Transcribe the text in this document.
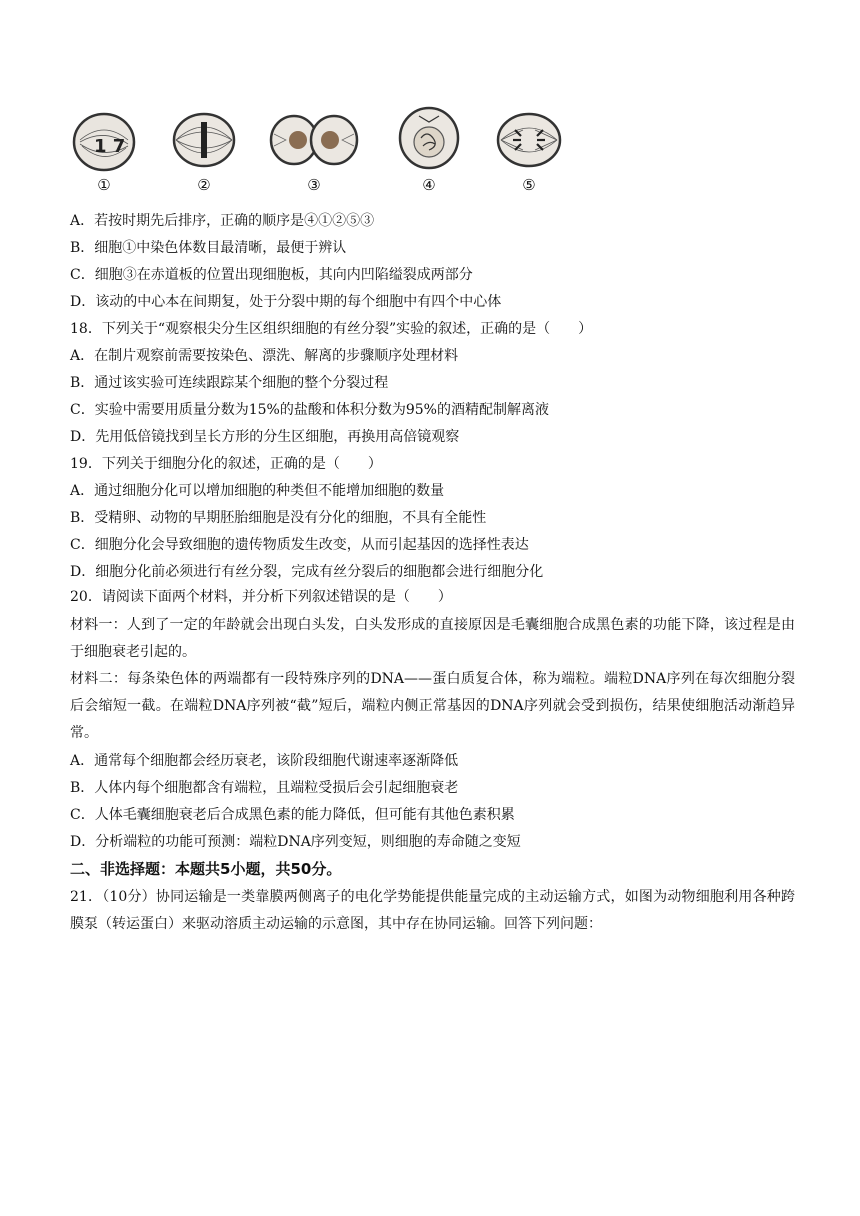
1 7
①	②	③	④	⑤
A．若按时期先后排序，正确的顺序是④①②⑤③
B．细胞①中染色体数目最清晰，最便于辨认
C．细胞③在赤道板的位置出现细胞板，其向内凹陷缢裂成两部分
D．该动的中心本在间期复，处于分裂中期的每个细胞中有四个中心体
18．下列关于“观察根尖分生区组织细胞的有丝分裂”实验的叙述，正确的是（　　）
A．在制片观察前需要按染色、漂洗、解离的步骤顺序处理材料
B．通过该实验可连续跟踪某个细胞的整个分裂过程
C．实验中需要用质量分数为15%的盐酸和体积分数为95%的酒精配制解离液
D．先用低倍镜找到呈长方形的分生区细胞，再换用高倍镜观察
19．下列关于细胞分化的叙述，正确的是（　　）
A．通过细胞分化可以增加细胞的种类但不能增加细胞的数量
B．受精卵、动物的早期胚胎细胞是没有分化的细胞，不具有全能性
C．细胞分化会导致细胞的遗传物质发生改变，从而引起基因的选择性表达
D．细胞分化前必须进行有丝分裂，完成有丝分裂后的细胞都会进行细胞分化
20．请阅读下面两个材料，并分析下列叙述错误的是（　　）
材料一：人到了一定的年龄就会出现白头发，白头发形成的直接原因是毛囊细胞合成黑色素的功能下降，该过程是由于细胞衰老引起的。
材料二：每条染色体的两端都有一段特殊序列的DNA——蛋白质复合体，称为端粒。端粒DNA序列在每次细胞分裂后会缩短一截。在端粒DNA序列被“截”短后，端粒内侧正常基因的DNA序列就会受到损伤，结果使细胞活动渐趋异常。
A．通常每个细胞都会经历衰老，该阶段细胞代谢速率逐渐降低
B．人体内每个细胞都含有端粒，且端粒受损后会引起细胞衰老
C．人体毛囊细胞衰老后合成黑色素的能力降低，但可能有其他色素积累
D．分析端粒的功能可预测：端粒DNA序列变短，则细胞的寿命随之变短
二、非选择题：本题共5小题，共50分。
21．（10分）协同运输是一类靠膜两侧离子的电化学势能提供能量完成的主动运输方式，如图为动物细胞利用各种跨膜泵（转运蛋白）来驱动溶质主动运输的示意图，其中存在协同运输。回答下列问题：
